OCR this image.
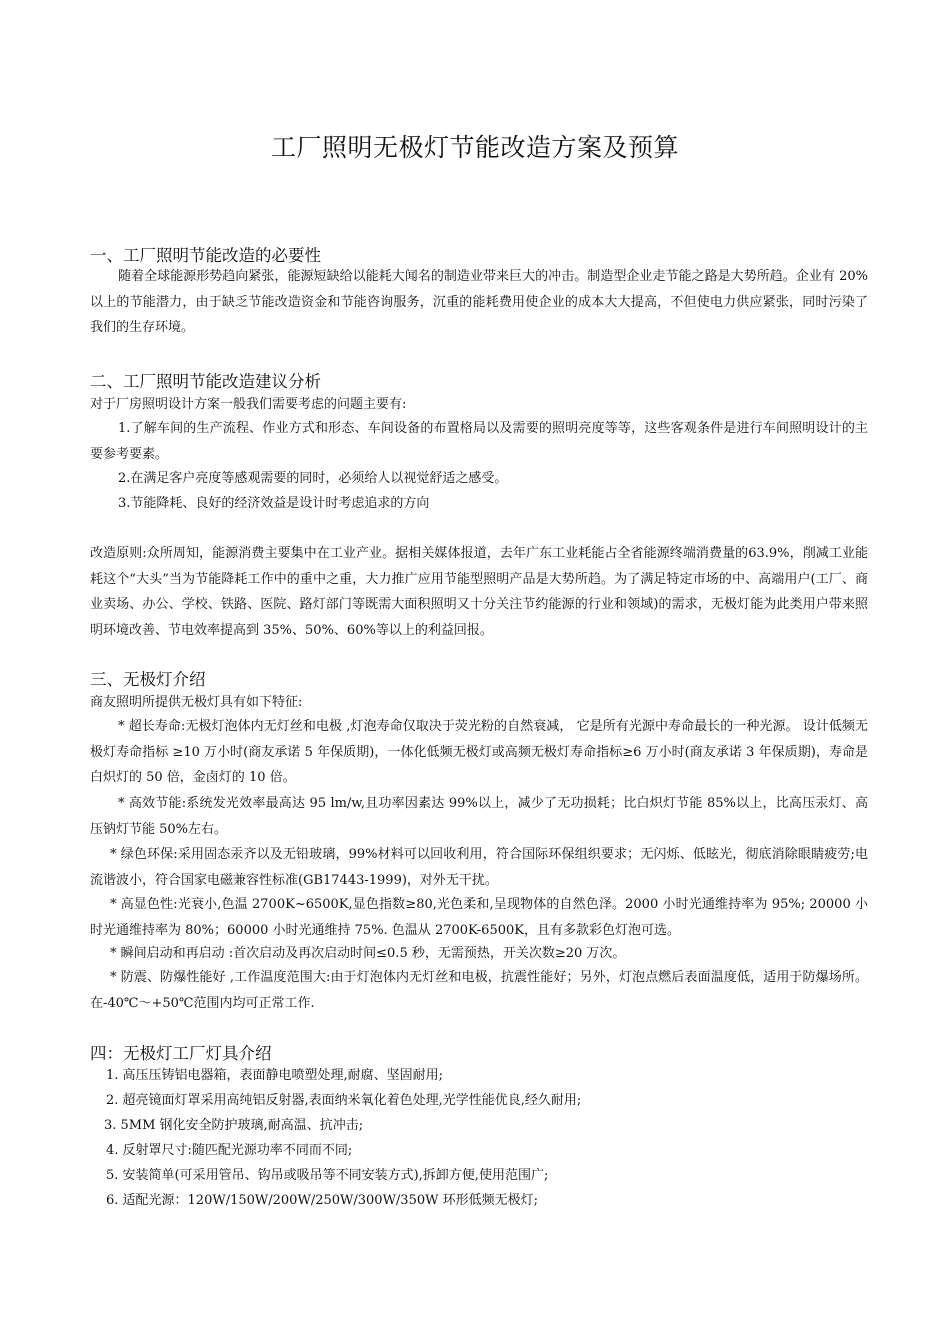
工厂照明无极灯节能改造方案及预算
一、工厂照明节能改造的必要性
随着全球能源形势趋向紧张，能源短缺给以能耗大闻名的制造业带来巨大的冲击。制造型企业走节能之路是大势所趋。企业有 20%以上的节能潜力，由于缺乏节能改造资金和节能咨询服务，沉重的能耗费用使企业的成本大大提高，不但使电力供应紧张，同时污染了我们的生存环境。
二、工厂照明节能改造建议分析
对于厂房照明设计方案一般我们需要考虑的问题主要有:
1.了解车间的生产流程、作业方式和形态、车间设备的布置格局以及需要的照明亮度等等，这些客观条件是进行车间照明设计的主要参考要素。
2.在满足客户亮度等感观需要的同时，必须给人以视觉舒适之感受。
3.节能降耗、良好的经济效益是设计时考虑追求的方向
改造原则:众所周知，能源消费主要集中在工业产业。据相关媒体报道，去年广东工业耗能占全省能源终端消费量的63.9%，削减工业能耗这个“大头”当为节能降耗工作中的重中之重，大力推广应用节能型照明产品是大势所趋。为了满足特定市场的中、高端用户(工厂、商业卖场、办公、学校、铁路、医院、路灯部门等既需大面积照明又十分关注节约能源的行业和领域)的需求，无极灯能为此类用户带来照明环境改善、节电效率提高到 35%、50%、60%等以上的利益回报。
三、无极灯介绍
商友照明所提供无极灯具有如下特征:
* 超长寿命:无极灯泡体内无灯丝和电极 ,灯泡寿命仅取决于荧光粉的自然衰减， 它是所有光源中寿命最长的一种光源。 设计低频无极灯寿命指标 ≥10 万小时(商友承诺 5 年保质期)，一体化低频无极灯或高频无极灯寿命指标≥6 万小时(商友承诺 3 年保质期)，寿命是白炽灯的 50 倍，金卤灯的 10 倍。
* 高效节能:系统发光效率最高达 95 lm/w,且功率因素达 99%以上，减少了无功损耗；比白炽灯节能 85%以上，比高压汞灯、高压钠灯节能 50%左右。
* 绿色环保:采用固态汞齐以及无铅玻璃，99%材料可以回收利用，符合国际环保组织要求；无闪烁、低眩光，彻底消除眼睛疲劳;电流谐波小，符合国家电磁兼容性标准(GB17443-1999)，对外无干扰。
* 高显色性:光衰小,色温 2700K~6500K,显色指数≥80,光色柔和,呈现物体的自然色泽。2000 小时光通维持率为 95%; 20000 小时光通维持率为 80%；60000 小时光通维持 75%. 色温从 2700K-6500K，且有多款彩色灯泡可选。
* 瞬间启动和再启动 :首次启动及再次启动时间≤0.5 秒，无需预热，开关次数≥20 万次。
* 防震、防爆性能好 ,工作温度范围大:由于灯泡体内无灯丝和电极，抗震性能好；另外，灯泡点燃后表面温度低，适用于防爆场所。在-40℃～+50℃范围内均可正常工作.
四：无极灯工厂灯具介绍
1. 高压压铸铝电器箱，表面静电喷塑处理,耐腐、坚固耐用;
2. 超亮镜面灯罩采用高纯铝反射器,表面纳米氧化着色处理,光学性能优良,经久耐用;
3. 5MM 钢化安全防护玻璃,耐高温、抗冲击;
4. 反射罩尺寸:随匹配光源功率不同而不同;
5. 安装简单(可采用管吊、钩吊或吸吊等不同安装方式),拆卸方便,使用范围广;
6. 适配光源：120W/150W/200W/250W/300W/350W 环形低频无极灯;
